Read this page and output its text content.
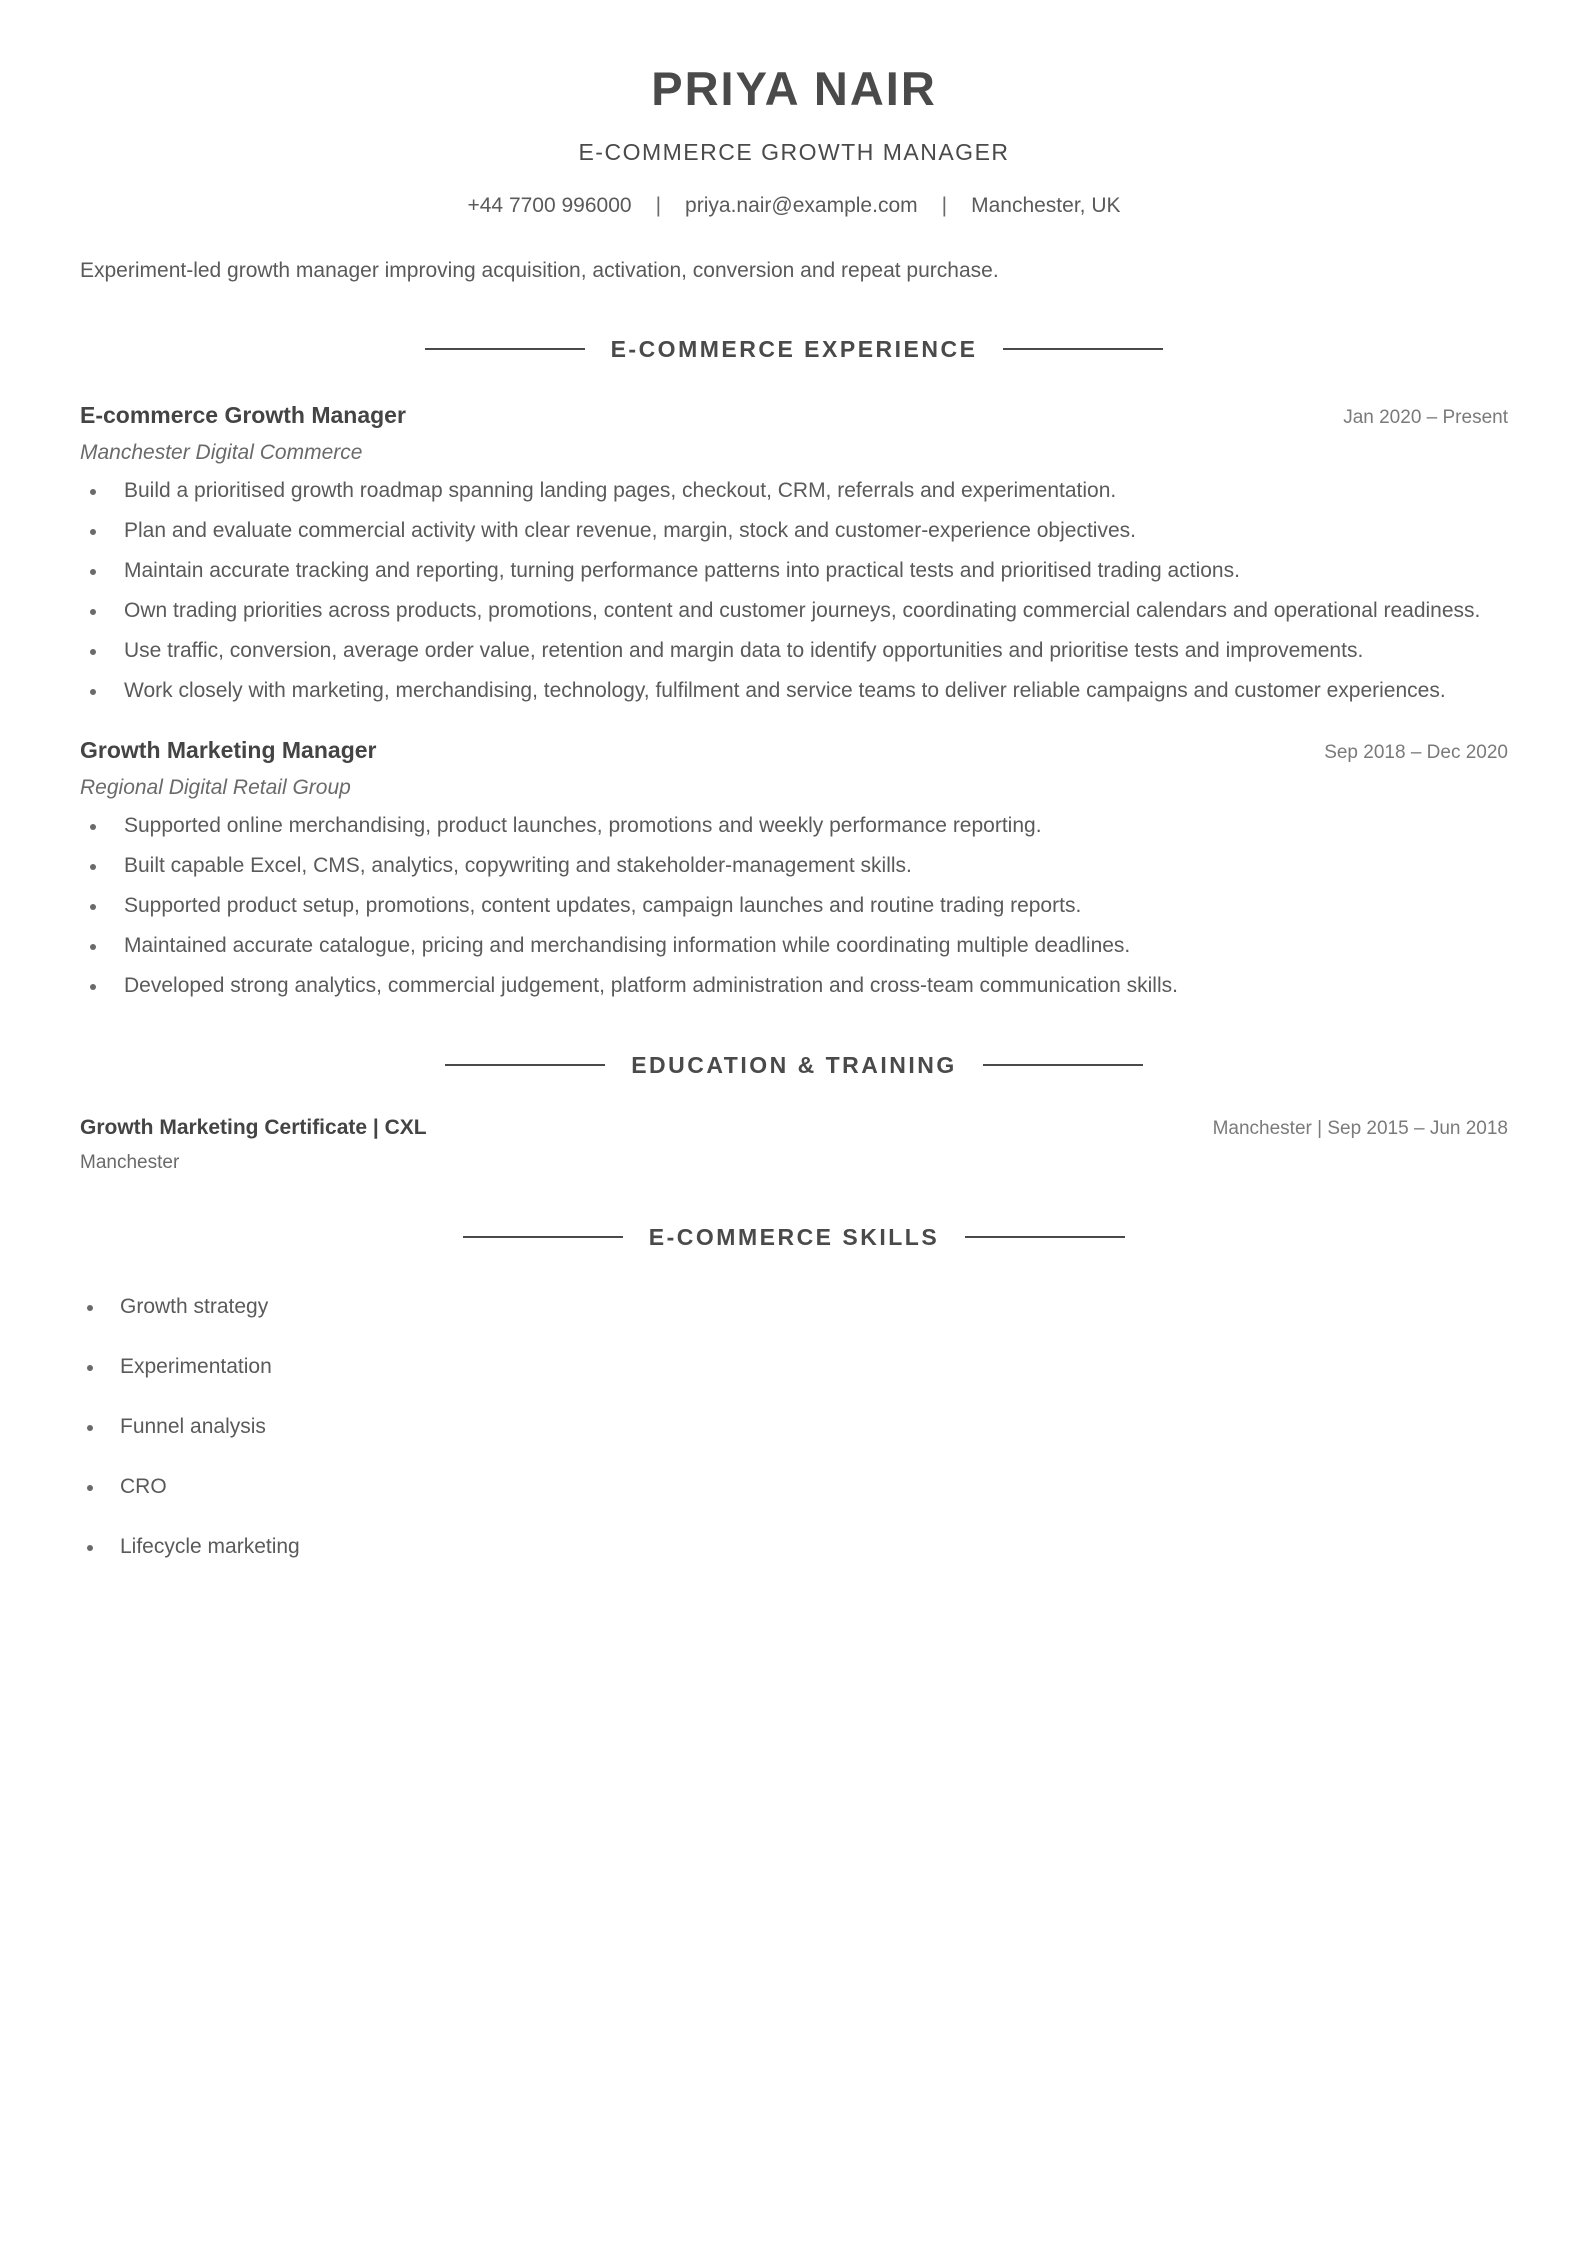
PRIYA NAIR
E-COMMERCE GROWTH MANAGER
+44 7700 996000 | priya.nair@example.com | Manchester, UK
Experiment-led growth manager improving acquisition, activation, conversion and repeat purchase.
E-COMMERCE EXPERIENCE
E-commerce Growth Manager	Jan 2020 – Present
Manchester Digital Commerce
Build a prioritised growth roadmap spanning landing pages, checkout, CRM, referrals and experimentation.
Plan and evaluate commercial activity with clear revenue, margin, stock and customer-experience objectives.
Maintain accurate tracking and reporting, turning performance patterns into practical tests and prioritised trading actions.
Own trading priorities across products, promotions, content and customer journeys, coordinating commercial calendars and operational readiness.
Use traffic, conversion, average order value, retention and margin data to identify opportunities and prioritise tests and improvements.
Work closely with marketing, merchandising, technology, fulfilment and service teams to deliver reliable campaigns and customer experiences.
Growth Marketing Manager	Sep 2018 – Dec 2020
Regional Digital Retail Group
Supported online merchandising, product launches, promotions and weekly performance reporting.
Built capable Excel, CMS, analytics, copywriting and stakeholder-management skills.
Supported product setup, promotions, content updates, campaign launches and routine trading reports.
Maintained accurate catalogue, pricing and merchandising information while coordinating multiple deadlines.
Developed strong analytics, commercial judgement, platform administration and cross-team communication skills.
EDUCATION & TRAINING
Growth Marketing Certificate | CXL	Manchester | Sep 2015 – Jun 2018
Manchester
E-COMMERCE SKILLS
Growth strategy
Experimentation
Funnel analysis
CRO
Lifecycle marketing
